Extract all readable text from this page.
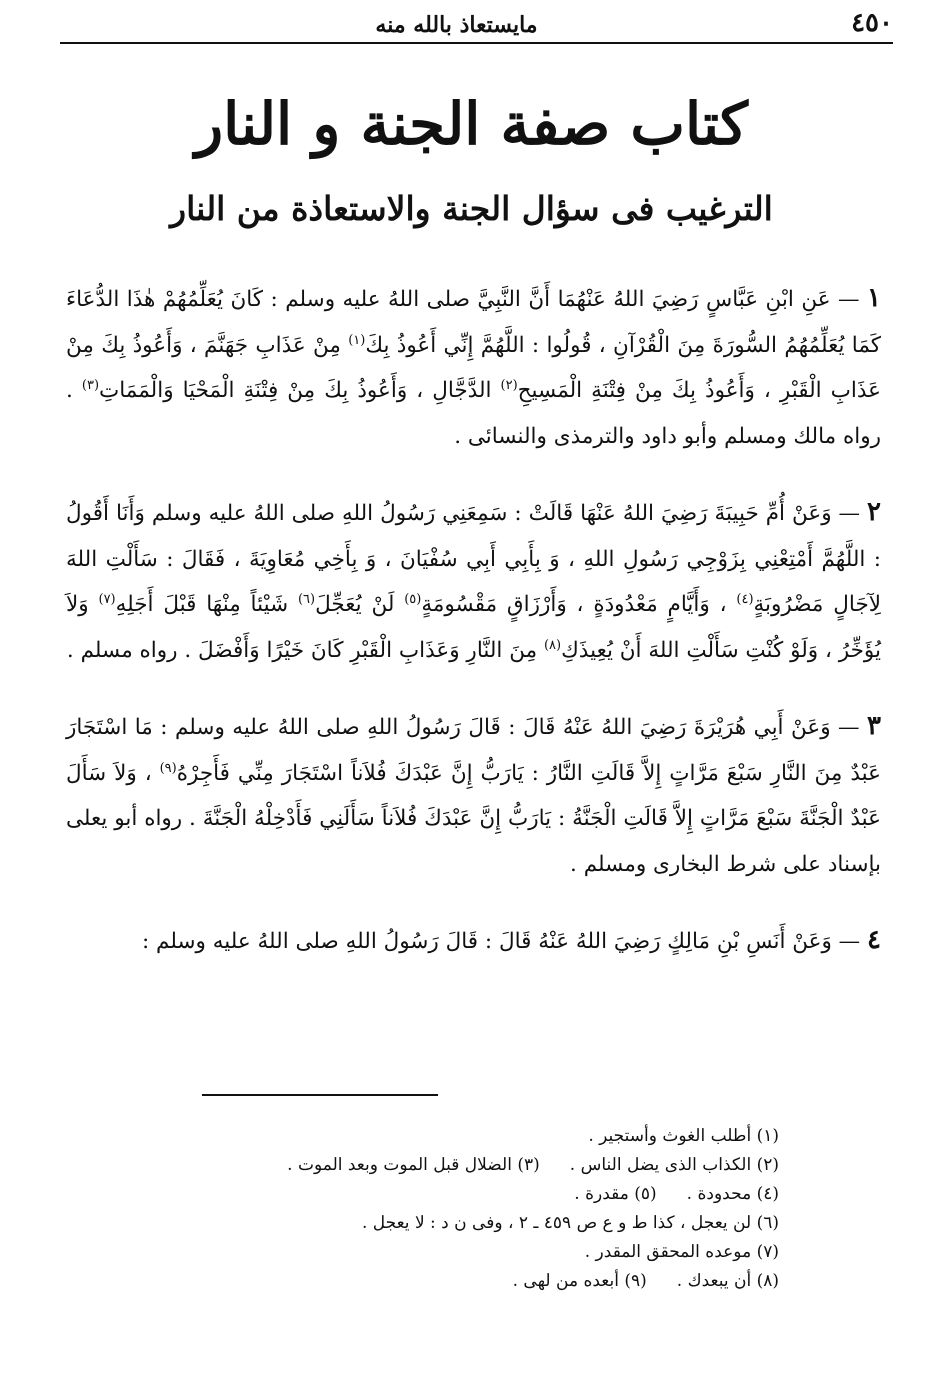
٤٥٠
مايستعاذ بالله منه
كتاب صفة الجنة و النار
الترغيب فى سؤال الجنة والاستعاذة من النار

١ — عَنِ ابْنِ عَبَّاسٍ رَضِيَ اللهُ عَنْهُمَا أَنَّ النَّبِيَّ صلى اللهُ عليه وسلم : كَانَ يُعَلِّمُهُمْ هٰذَا الدُّعَاءَ كَمَا يُعَلِّمُهُمُ السُّورَةَ مِنَ الْقُرْآنِ ، قُولُوا : اللَّهُمَّ إِنِّي أَعُوذُ بِكَ$^{(١)}$ مِنْ عَذَابِ جَهَنَّمَ ، وَأَعُوذُ بِكَ مِنْ عَذَابِ الْقَبْرِ ، وَأَعُوذُ بِكَ مِنْ فِتْنَةِ الْمَسِيحِ$^{(٢)}$ الدَّجَّالِ ، وَأَعُوذُ بِكَ مِنْ فِتْنَةِ الْمَحْيَا وَالْمَمَاتِ$^{(٣)}$ . رواه مالك ومسلم وأبو داود والترمذى والنسائى .

٢ — وَعَنْ أُمِّ حَبِيبَةَ رَضِيَ اللهُ عَنْهَا قَالَتْ : سَمِعَنِي رَسُولُ اللهِ صلى اللهُ عليه وسلم وَأَنَا أَقُولُ : اللَّهُمَّ أَمْتِعْنِي بِزَوْجِي رَسُولِ اللهِ ، وَ بِأَبِي أَبِي سُفْيَانَ ، وَ بِأَخِي مُعَاوِيَةَ ، فَقَالَ : سَأَلْتِ اللهَ لِآجَالٍ مَضْرُوبَةٍ$^{(٤)}$ ، وَأَيَّامٍ مَعْدُودَةٍ ، وَأَرْزَاقٍ مَقْسُومَةٍ$^{(٥)}$ لَنْ يُعَجِّلَ$^{(٦)}$ شَيْئاً مِنْهَا قَبْلَ أَجَلِهِ$^{(٧)}$ وَلاَ يُؤَخِّرُ ، وَلَوْ كُنْتِ سَأَلْتِ اللهَ أَنْ يُعِيذَكِ$^{(٨)}$ مِنَ النَّارِ وَعَذَابِ الْقَبْرِ كَانَ خَيْرًا وَأَفْضَلَ . رواه مسلم .

٣ — وَعَنْ أَبِي هُرَيْرَةَ رَضِيَ اللهُ عَنْهُ قَالَ : قَالَ رَسُولُ اللهِ صلى اللهُ عليه وسلم : مَا اسْتَجَارَ عَبْدٌ مِنَ النَّارِ سَبْعَ مَرَّاتٍ إِلاَّ قَالَتِ النَّارُ : يَارَبُّ إِنَّ عَبْدَكَ فُلاَناً اسْتَجَارَ مِنِّي فَأَجِرْهُ$^{(٩)}$ ، وَلاَ سَأَلَ عَبْدٌ الْجَنَّةَ سَبْعَ مَرَّاتٍ إِلاَّ قَالَتِ الْجَنَّةُ : يَارَبُّ إِنَّ عَبْدَكَ فُلاَناً سَأَلَنِي فَأَدْخِلْهُ الْجَنَّةَ . رواه أبو يعلى بإسناد على شرط البخارى ومسلم .

٤ — وَعَنْ أَنَسِ بْنِ مَالِكٍ رَضِيَ اللهُ عَنْهُ قَالَ : قَالَ رَسُولُ اللهِ صلى اللهُ عليه وسلم :

(١) أطلب الغوث وأستجير .
(٢) الكذاب الذى يضل الناس .(٣) الضلال قبل الموت وبعد الموت .
(٤) محدودة .(٥) مقدرة .
(٦) لن يعجل ، كذا ط و ع ص ٤٥٩ ـ ٢ ، وفى ن د : لا يعجل .
(٧) موعده المحقق المقدر .
(٨) أن يبعدك .(٩) أبعده من لهى .
